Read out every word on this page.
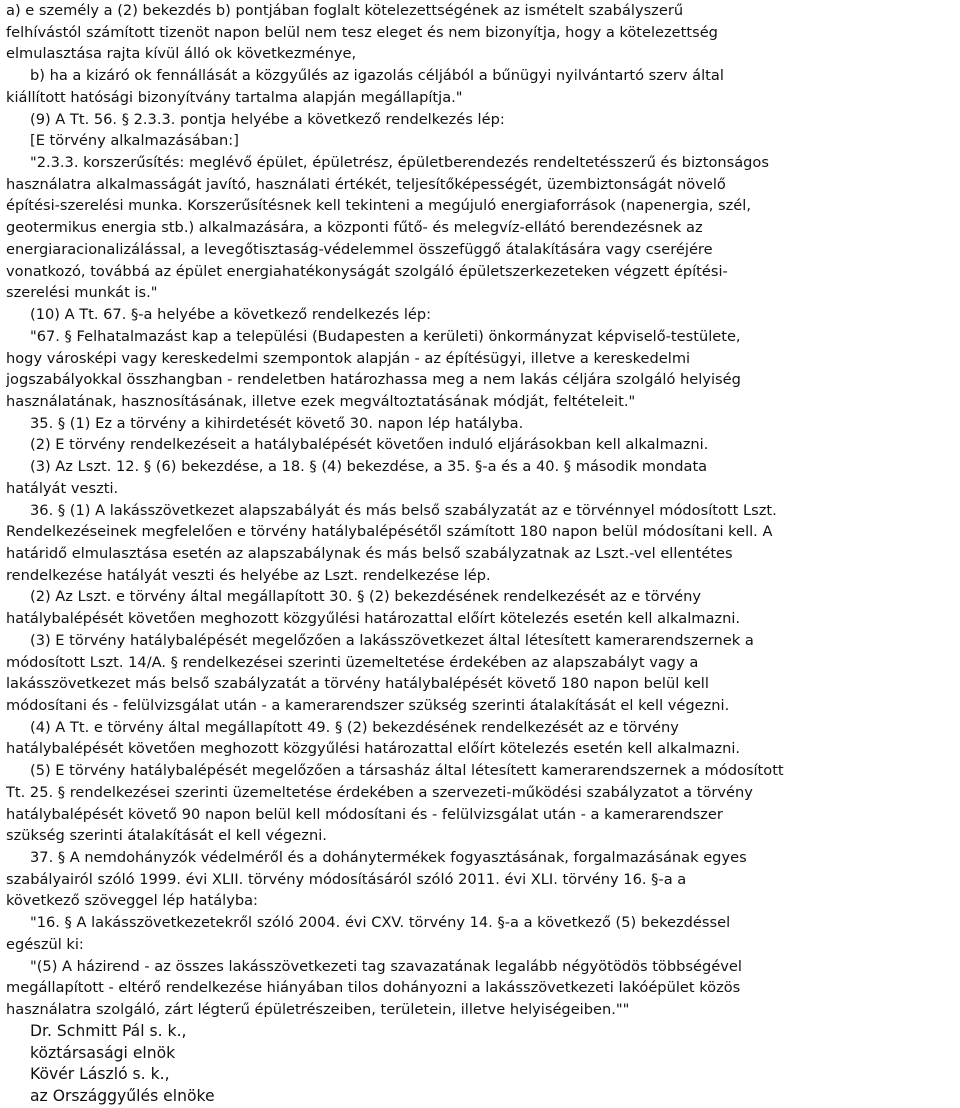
a) e személy a (2) bekezdés b) pontjában foglalt kötelezettségének az ismételt szabályszerű
felhívástól számított tizenöt napon belül nem tesz eleget és nem bizonyítja, hogy a kötelezettség
elmulasztása rajta kívül álló ok következménye,
b) ha a kizáró ok fennállását a közgyűlés az igazolás céljából a bűnügyi nyilvántartó szerv által
kiállított hatósági bizonyítvány tartalma alapján megállapítja."
(9) A Tt. 56. § 2.3.3. pontja helyébe a következő rendelkezés lép:
[E törvény alkalmazásában:]
"2.3.3. korszerűsítés: meglévő épület, épületrész, épületberendezés rendeltetésszerű és biztonságos
használatra alkalmasságát javító, használati értékét, teljesítőképességét, üzembiztonságát növelő
építési-szerelési munka. Korszerűsítésnek kell tekinteni a megújuló energiaforrások (napenergia, szél,
geotermikus energia stb.) alkalmazására, a központi fűtő- és melegvíz-ellátó berendezésnek az
energiaracionalizálással, a levegőtisztaság-védelemmel összefüggő átalakítására vagy cseréjére
vonatkozó, továbbá az épület energiahatékonyságát szolgáló épületszerkezeteken végzett építési-
szerelési munkát is."
(10) A Tt. 67. §-a helyébe a következő rendelkezés lép:
"67. § Felhatalmazást kap a települési (Budapesten a kerületi) önkormányzat képviselő-testülete,
hogy városképi vagy kereskedelmi szempontok alapján - az építésügyi, illetve a kereskedelmi
jogszabályokkal összhangban - rendeletben határozhassa meg a nem lakás céljára szolgáló helyiség
használatának, hasznosításának, illetve ezek megváltoztatásának módját, feltételeit."
35. § (1) Ez a törvény a kihirdetését követő 30. napon lép hatályba.
(2) E törvény rendelkezéseit a hatálybalépését követően induló eljárásokban kell alkalmazni.
(3) Az Lszt. 12. § (6) bekezdése, a 18. § (4) bekezdése, a 35. §-a és a 40. § második mondata
hatályát veszti.
36. § (1) A lakásszövetkezet alapszabályát és más belső szabályzatát az e törvénnyel módosított Lszt.
Rendelkezéseinek megfelelően e törvény hatálybalépésétől számított 180 napon belül módosítani kell. A
határidő elmulasztása esetén az alapszabálynak és más belső szabályzatnak az Lszt.-vel ellentétes
rendelkezése hatályát veszti és helyébe az Lszt. rendelkezése lép.
(2) Az Lszt. e törvény által megállapított 30. § (2) bekezdésének rendelkezését az e törvény
hatálybalépését követően meghozott közgyűlési határozattal előírt kötelezés esetén kell alkalmazni.
(3) E törvény hatálybalépését megelőzően a lakásszövetkezet által létesített kamerarendszernek a
módosított Lszt. 14/A. § rendelkezései szerinti üzemeltetése érdekében az alapszabályt vagy a
lakásszövetkezet más belső szabályzatát a törvény hatálybalépését követő 180 napon belül kell
módosítani és - felülvizsgálat után - a kamerarendszer szükség szerinti átalakítását el kell végezni.
(4) A Tt. e törvény által megállapított 49. § (2) bekezdésének rendelkezését az e törvény
hatálybalépését követően meghozott közgyűlési határozattal előírt kötelezés esetén kell alkalmazni.
(5) E törvény hatálybalépését megelőzően a társasház által létesített kamerarendszernek a módosított
Tt. 25. § rendelkezései szerinti üzemeltetése érdekében a szervezeti-működési szabályzatot a törvény
hatálybalépését követő 90 napon belül kell módosítani és - felülvizsgálat után - a kamerarendszer
szükség szerinti átalakítását el kell végezni.
37. § A nemdohányzók védelméről és a dohánytermékek fogyasztásának, forgalmazásának egyes
szabályairól szóló 1999. évi XLII. törvény módosításáról szóló 2011. évi XLI. törvény 16. §-a a
következő szöveggel lép hatályba:
"16. § A lakásszövetkezetekről szóló 2004. évi CXV. törvény 14. §-a a következő (5) bekezdéssel
egészül ki:
"(5) A házirend - az összes lakásszövetkezeti tag szavazatának legalább négyötödös többségével
megállapított - eltérő rendelkezése hiányában tilos dohányozni a lakásszövetkezeti lakóépület közös
használatra szolgáló, zárt légterű épületrészeiben, területein, illetve helyiségeiben.""
Dr. Schmitt Pál s. k.,
köztársasági elnök
Kövér László s. k.,
az Országgyűlés elnöke
